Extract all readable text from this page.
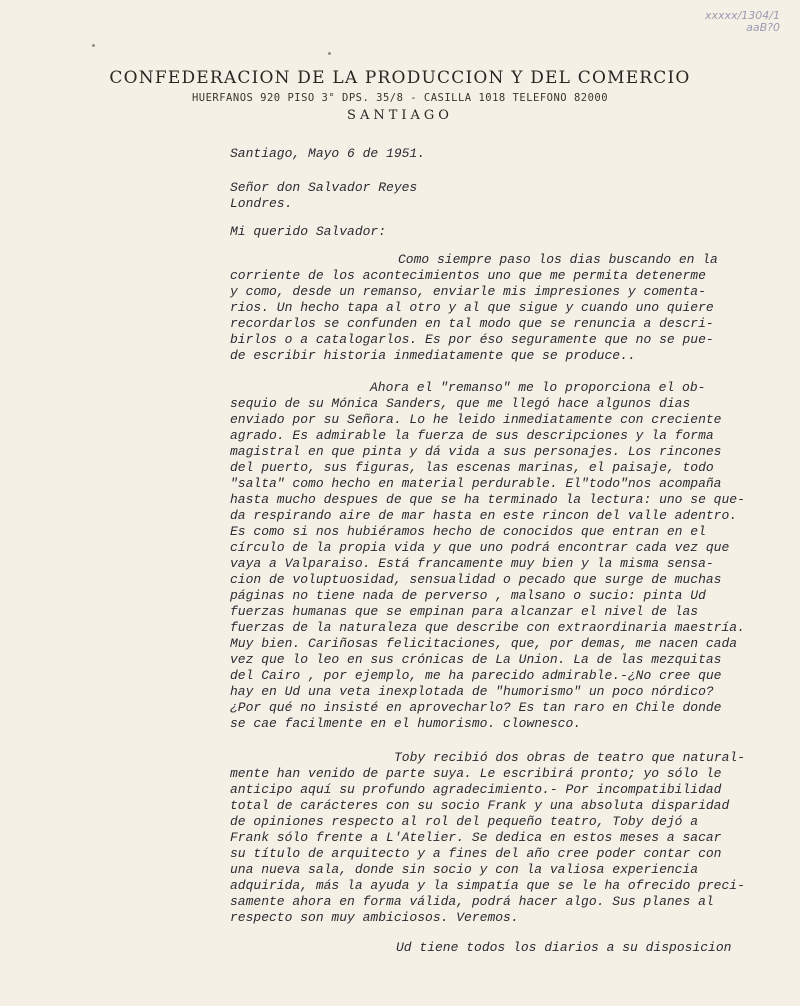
xxxxx/1304/1
aaB?0
CONFEDERACION DE LA PRODUCCION Y DEL COMERCIO
HUERFANOS 920 PISO 3° DPS. 35/8 - CASILLA 1018 TELEFONO 82000
SANTIAGO
Santiago, Mayo 6 de 1951.
Señor don Salvador Reyes
Londres.
Mi querido Salvador:
Como siempre paso los dias buscando en la
corriente de los acontecimientos uno que me permita detenerme
y como, desde un remanso, enviarle mis impresiones y comenta-
rios. Un hecho tapa al otro y al que sigue y cuando uno quiere
recordarlos se confunden en tal modo que se renuncia a descri-
birlos o a catalogarlos. Es por éso seguramente que no se pue-
de escribir historia inmediatamente que se produce..
Ahora el "remanso" me lo proporciona el ob-
sequio de su Mónica Sanders, que me llegó hace algunos dias
enviado por su Señora. Lo he leido inmediatamente con creciente
agrado. Es admirable la fuerza de sus descripciones y la forma
magistral en que pinta y dá vida a sus personajes. Los rincones
del puerto, sus figuras, las escenas marinas, el paisaje, todo
"salta" como hecho en material perdurable. El"todo"nos acompaña
hasta mucho despues de que se ha terminado la lectura: uno se que-
da respirando aire de mar hasta en este rincon del valle adentro.
Es como si nos hubiéramos hecho de conocidos que entran en el
círculo de la propia vida y que uno podrá encontrar cada vez que
vaya a Valparaiso. Está francamente muy bien y la misma sensa-
cion de voluptuosidad, sensualidad o pecado que surge de muchas
páginas no tiene nada de perverso , malsano o sucio: pinta Ud
fuerzas humanas que se empinan para alcanzar el nivel de las
fuerzas de la naturaleza que describe con extraordinaria maestría.
Muy bien. Cariñosas felicitaciones, que, por demas, me nacen cada
vez que lo leo en sus crónicas de La Union. La de las mezquitas
del Cairo , por ejemplo, me ha parecido admirable.-¿No cree que
hay en Ud una veta inexplotada de "humorismo" un poco nórdico?
¿Por qué no insisté en aprovecharlo? Es tan raro en Chile donde
se cae facilmente en el humorismo. clownesco.
Toby recibió dos obras de teatro que natural-
mente han venido de parte suya. Le escribirá pronto; yo sólo le
anticipo aquí su profundo agradecimiento.- Por incompatibilidad
total de carácteres con su socio Frank y una absoluta disparidad
de opiniones respecto al rol del pequeño teatro, Toby dejó a
Frank sólo frente a L'Atelier. Se dedica en estos meses a sacar
su título de arquitecto y a fines del año cree poder contar con
una nueva sala, donde sin socio y con la valiosa experiencia
adquirida, más la ayuda y la simpatía que se le ha ofrecido preci-
samente ahora en forma válida, podrá hacer algo. Sus planes al
respecto son muy ambiciosos. Veremos.
Ud tiene todos los diarios a su disposicion
